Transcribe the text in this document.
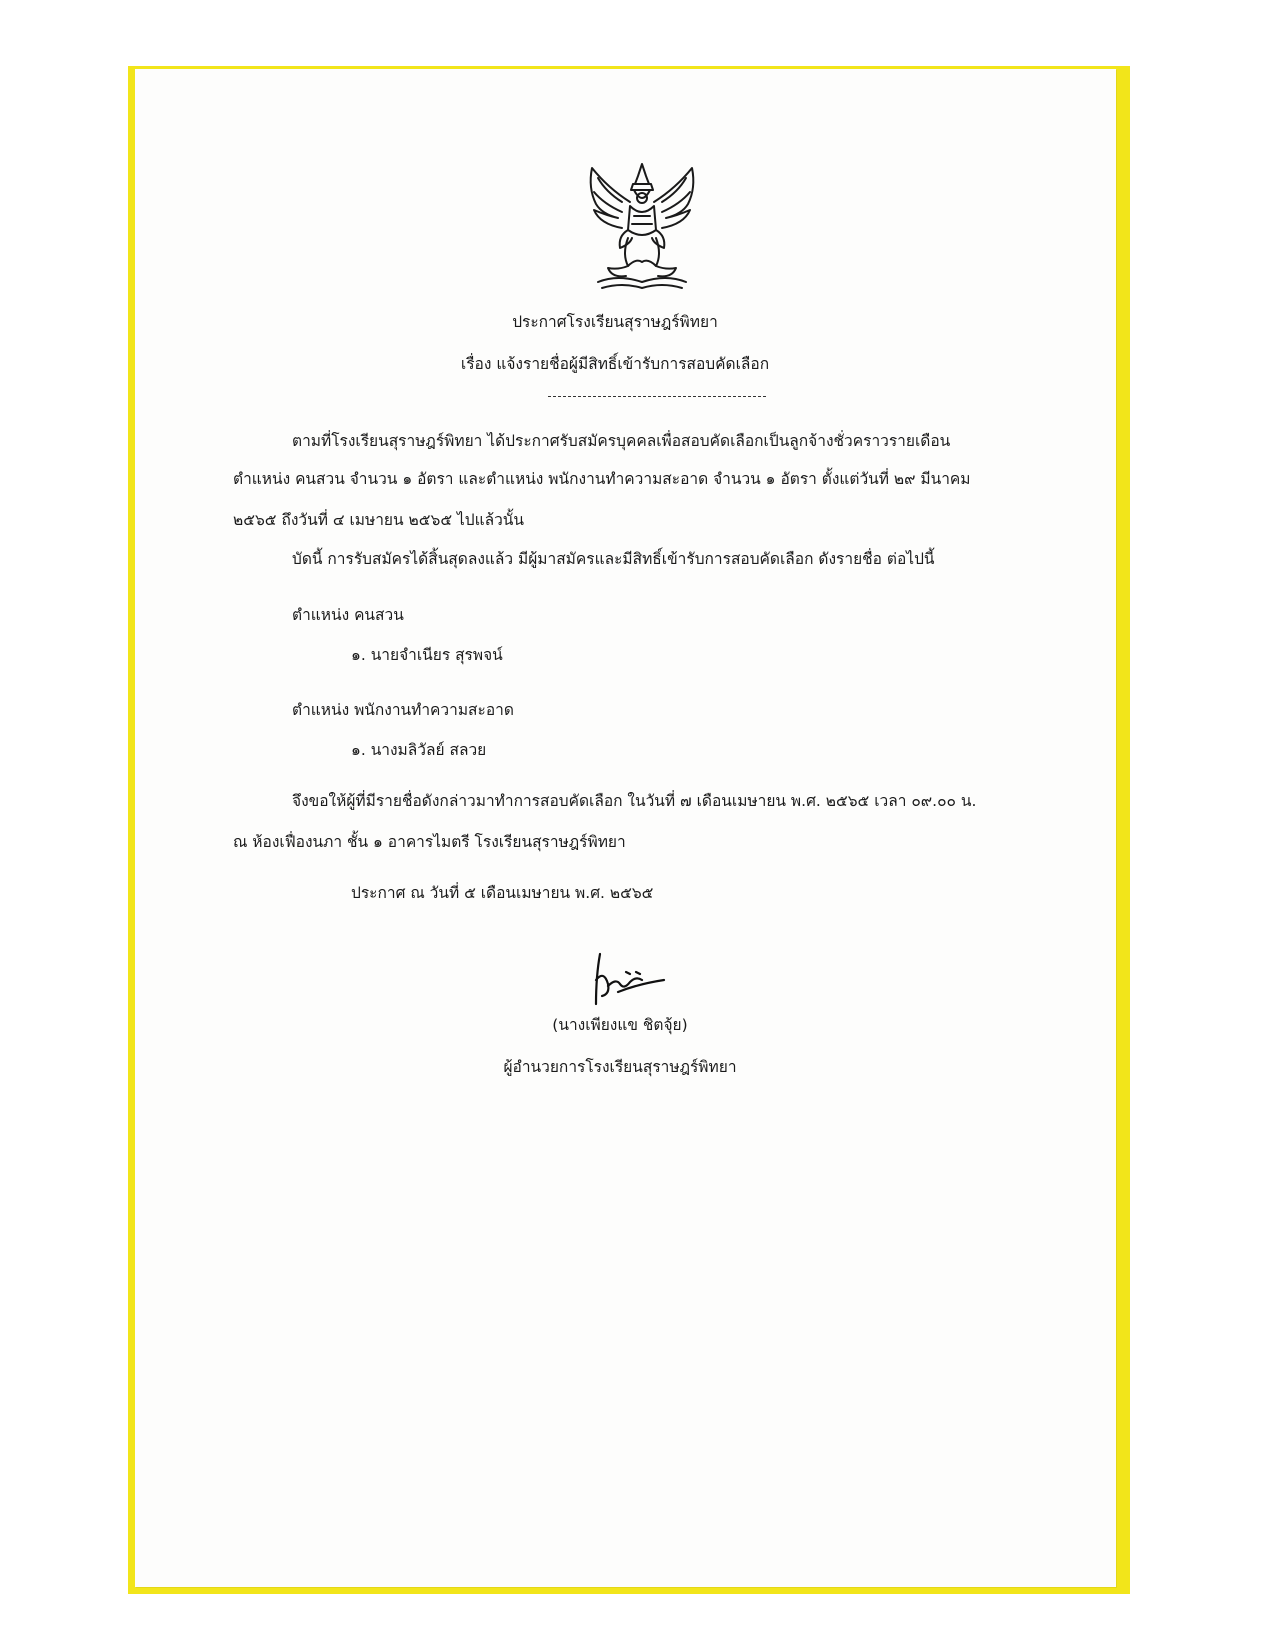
ประกาศโรงเรียนสุราษฎร์พิทยา
เรื่อง แจ้งรายชื่อผู้มีสิทธิ์เข้ารับการสอบคัดเลือก
ตามที่โรงเรียนสุราษฎร์พิทยา ได้ประกาศรับสมัครบุคคลเพื่อสอบคัดเลือกเป็นลูกจ้างชั่วคราวรายเดือน
ตำแหน่ง คนสวน จำนวน ๑ อัตรา และตำแหน่ง พนักงานทำความสะอาด จำนวน ๑ อัตรา ตั้งแต่วันที่ ๒๙ มีนาคม
๒๕๖๕ ถึงวันที่ ๔ เมษายน ๒๕๖๕ ไปแล้วนั้น
บัดนี้ การรับสมัครได้สิ้นสุดลงแล้ว มีผู้มาสมัครและมีสิทธิ์เข้ารับการสอบคัดเลือก ดังรายชื่อ ต่อไปนี้
ตำแหน่ง คนสวน
๑. นายจำเนียร สุรพจน์
ตำแหน่ง พนักงานทำความสะอาด
๑. นางมลิวัลย์ สลวย
จึงขอให้ผู้ที่มีรายชื่อดังกล่าวมาทำการสอบคัดเลือก ในวันที่ ๗ เดือนเมษายน พ.ศ. ๒๕๖๕ เวลา ๐๙.๐๐ น.
ณ ห้องเฟื่องนภา ชั้น ๑ อาคารไมตรี โรงเรียนสุราษฎร์พิทยา
ประกาศ ณ วันที่ ๕ เดือนเมษายน พ.ศ. ๒๕๖๕
(นางเพียงแข ชิตจุ้ย)
ผู้อำนวยการโรงเรียนสุราษฎร์พิทยา
